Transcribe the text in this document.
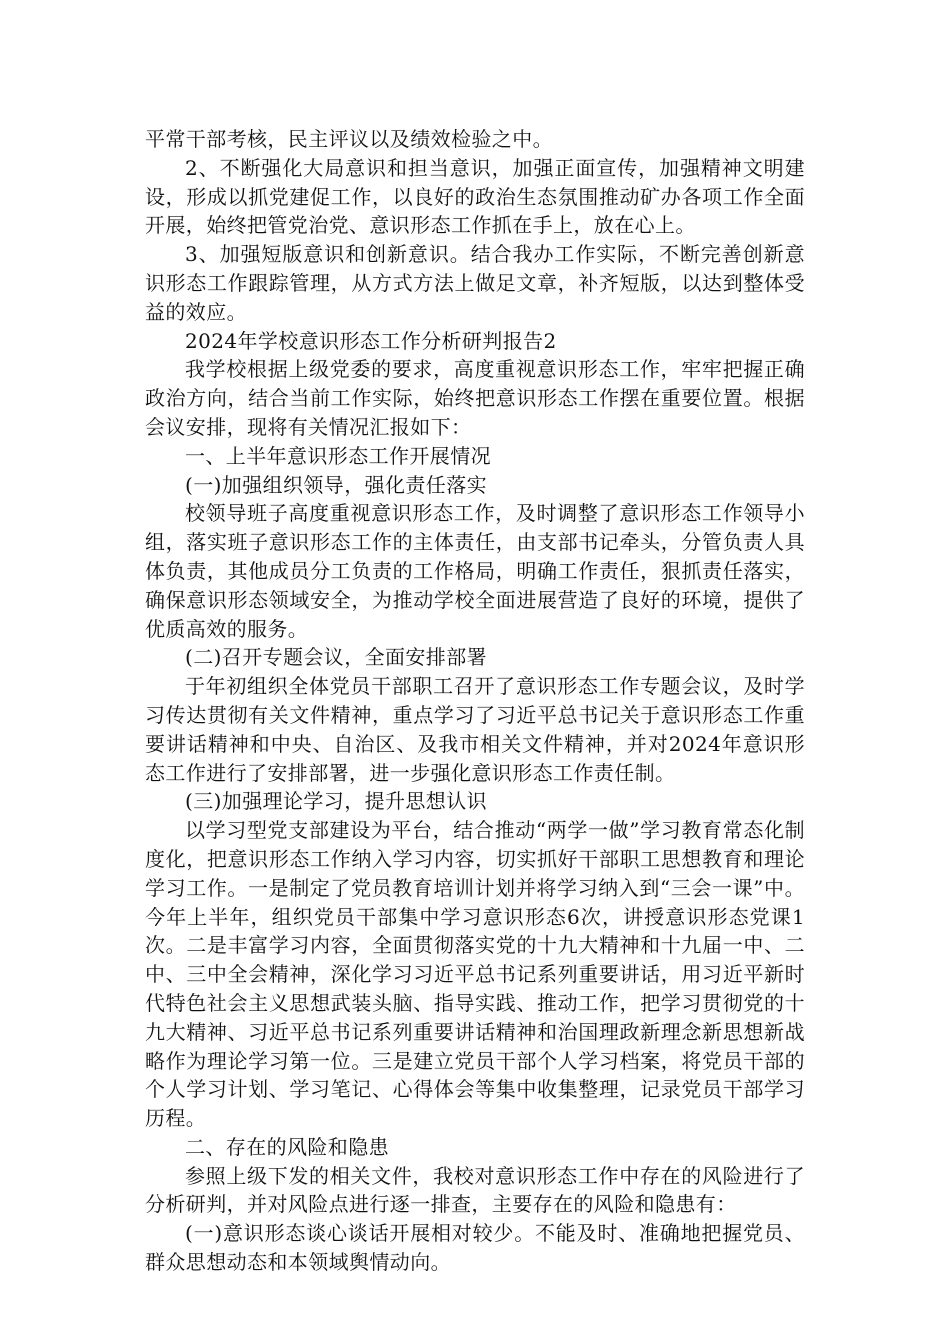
平常干部考核，民主评议以及绩效检验之中。

2、不断强化大局意识和担当意识，加强正面宣传，加强精神文明建设，形成以抓党建促工作，以良好的政治生态氛围推动矿办各项工作全面开展，始终把管党治党、意识形态工作抓在手上，放在心上。

3、加强短版意识和创新意识。结合我办工作实际，不断完善创新意识形态工作跟踪管理，从方式方法上做足文章，补齐短版，以达到整体受益的效应。

2024年学校意识形态工作分析研判报告2

我学校根据上级党委的要求，高度重视意识形态工作，牢牢把握正确政治方向，结合当前工作实际，始终把意识形态工作摆在重要位置。根据会议安排，现将有关情况汇报如下：

一、上半年意识形态工作开展情况

(一)加强组织领导，强化责任落实

校领导班子高度重视意识形态工作，及时调整了意识形态工作领导小组，落实班子意识形态工作的主体责任，由支部书记牵头，分管负责人具体负责，其他成员分工负责的工作格局，明确工作责任，狠抓责任落实，确保意识形态领域安全，为推动学校全面进展营造了良好的环境，提供了优质高效的服务。

(二)召开专题会议，全面安排部署

于年初组织全体党员干部职工召开了意识形态工作专题会议，及时学习传达贯彻有关文件精神，重点学习了习近平总书记关于意识形态工作重要讲话精神和中央、自治区、及我市相关文件精神，并对2024年意识形态工作进行了安排部署，进一步强化意识形态工作责任制。

(三)加强理论学习，提升思想认识

以学习型党支部建设为平台，结合推动“两学一做”学习教育常态化制度化，把意识形态工作纳入学习内容，切实抓好干部职工思想教育和理论学习工作。一是制定了党员教育培训计划并将学习纳入到“三会一课”中。今年上半年，组织党员干部集中学习意识形态6次，讲授意识形态党课1次。二是丰富学习内容，全面贯彻落实党的十九大精神和十九届一中、二中、三中全会精神，深化学习习近平总书记系列重要讲话，用习近平新时代特色社会主义思想武装头脑、指导实践、推动工作，把学习贯彻党的十九大精神、习近平总书记系列重要讲话精神和治国理政新理念新思想新战略作为理论学习第一位。三是建立党员干部个人学习档案，将党员干部的个人学习计划、学习笔记、心得体会等集中收集整理，记录党员干部学习历程。

二、存在的风险和隐患

参照上级下发的相关文件，我校对意识形态工作中存在的风险进行了分析研判，并对风险点进行逐一排查，主要存在的风险和隐患有：

(一)意识形态谈心谈话开展相对较少。不能及时、准确地把握党员、群众思想动态和本领域舆情动向。
